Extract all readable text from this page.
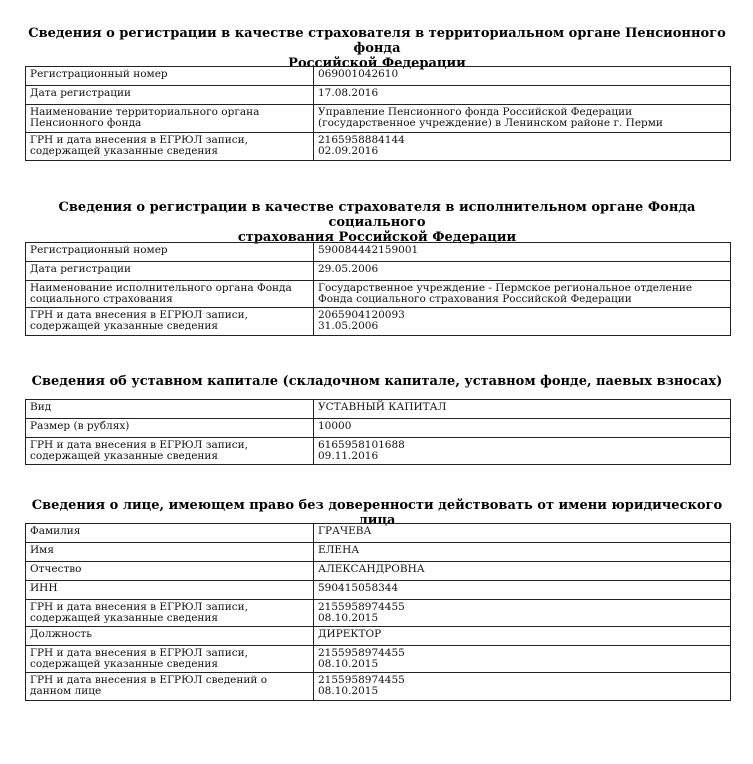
Сведения о регистрации в качестве страхователя в территориальном органе Пенсионного фонда
Российской Федерации
Регистрационный номер	069001042610
Дата регистрации	17.08.2016
Наименование территориального органа
Пенсионного фонда	Управление Пенсионного фонда Российской Федерации
(государственное учреждение) в Ленинском районе г. Перми
ГРН и дата внесения в ЕГРЮЛ записи,
содержащей указанные сведения	2165958884144
02.09.2016
Сведения о регистрации в качестве страхователя в исполнительном органе Фонда социального
страхования Российской Федерации
Регистрационный номер	590084442159001
Дата регистрации	29.05.2006
Наименование исполнительного органа Фонда
социального страхования	Государственное учреждение - Пермское региональное отделение
Фонда социального страхования Российской Федерации
ГРН и дата внесения в ЕГРЮЛ записи,
содержащей указанные сведения	2065904120093
31.05.2006
Сведения об уставном капитале (складочном капитале, уставном фонде, паевых взносах)
Вид	УСТАВНЫЙ КАПИТАЛ
Размер (в рублях)	10000
ГРН и дата внесения в ЕГРЮЛ записи,
содержащей указанные сведения	6165958101688
09.11.2016
Сведения о лице, имеющем право без доверенности действовать от имени юридического лица
Фамилия	ГРАЧЕВА
Имя	ЕЛЕНА
Отчество	АЛЕКСАНДРОВНА
ИНН	590415058344
ГРН и дата внесения в ЕГРЮЛ записи,
содержащей указанные сведения	2155958974455
08.10.2015
Должность	ДИРЕКТОР
ГРН и дата внесения в ЕГРЮЛ записи,
содержащей указанные сведения	2155958974455
08.10.2015
ГРН и дата внесения в ЕГРЮЛ сведений о
данном лице	2155958974455
08.10.2015
